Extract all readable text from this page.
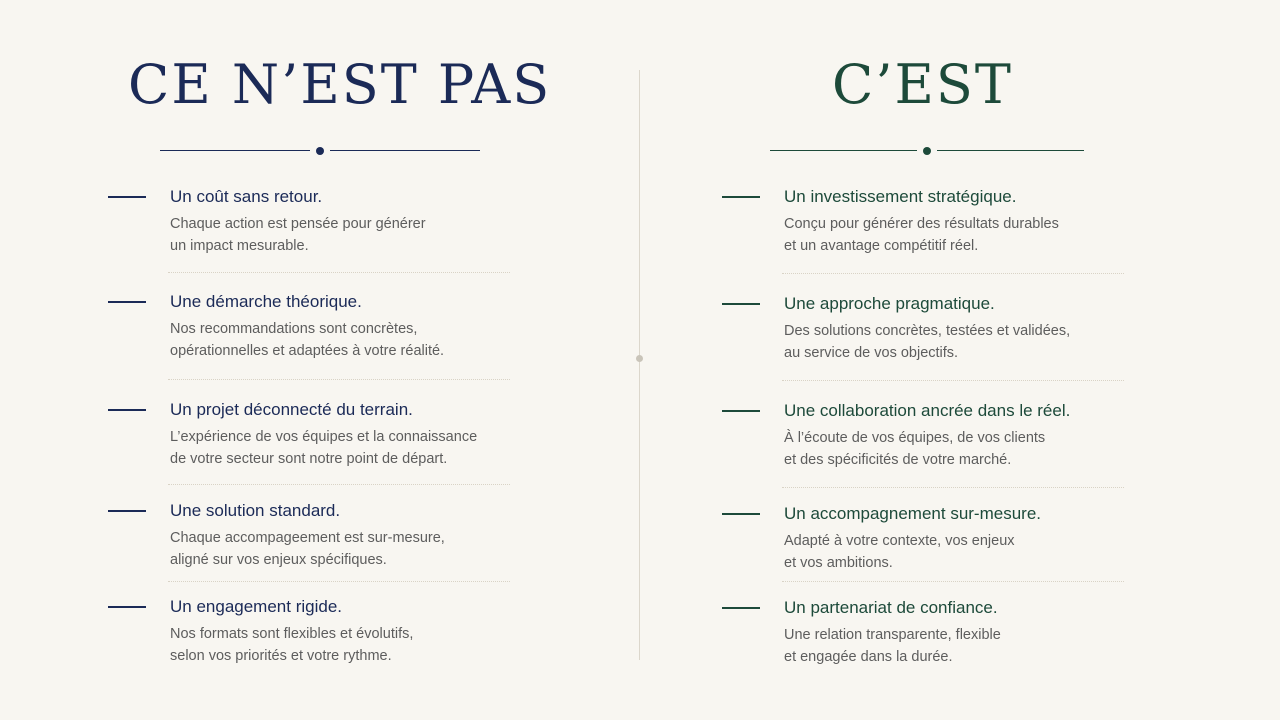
CE N’EST PAS
Un coût sans retour.
Chaque action est pensée pour générer
un impact mesurable.
Une démarche théorique.
Nos recommandations sont concrètes,
opérationnelles et adaptées à votre réalité.
Un projet déconnecté du terrain.
L’expérience de vos équipes et la connaissance
de votre secteur sont notre point de départ.
Une solution standard.
Chaque accompageement est sur-mesure,
aligné sur vos enjeux spécifiques.
Un engagement rigide.
Nos formats sont flexibles et évolutifs,
selon vos priorités et votre rythme.
C’EST
Un investissement stratégique.
Conçu pour générer des résultats durables
et un avantage compétitif réel.
Une approche pragmatique.
Des solutions concrètes, testées et validées,
au service de vos objectifs.
Une collaboration ancrée dans le réel.
À l’écoute de vos équipes, de vos clients
et des spécificités de votre marché.
Un accompagnement sur-mesure.
Adapté à votre contexte, vos enjeux
et vos ambitions.
Un partenariat de confiance.
Une relation transparente, flexible
et engagée dans la durée.
